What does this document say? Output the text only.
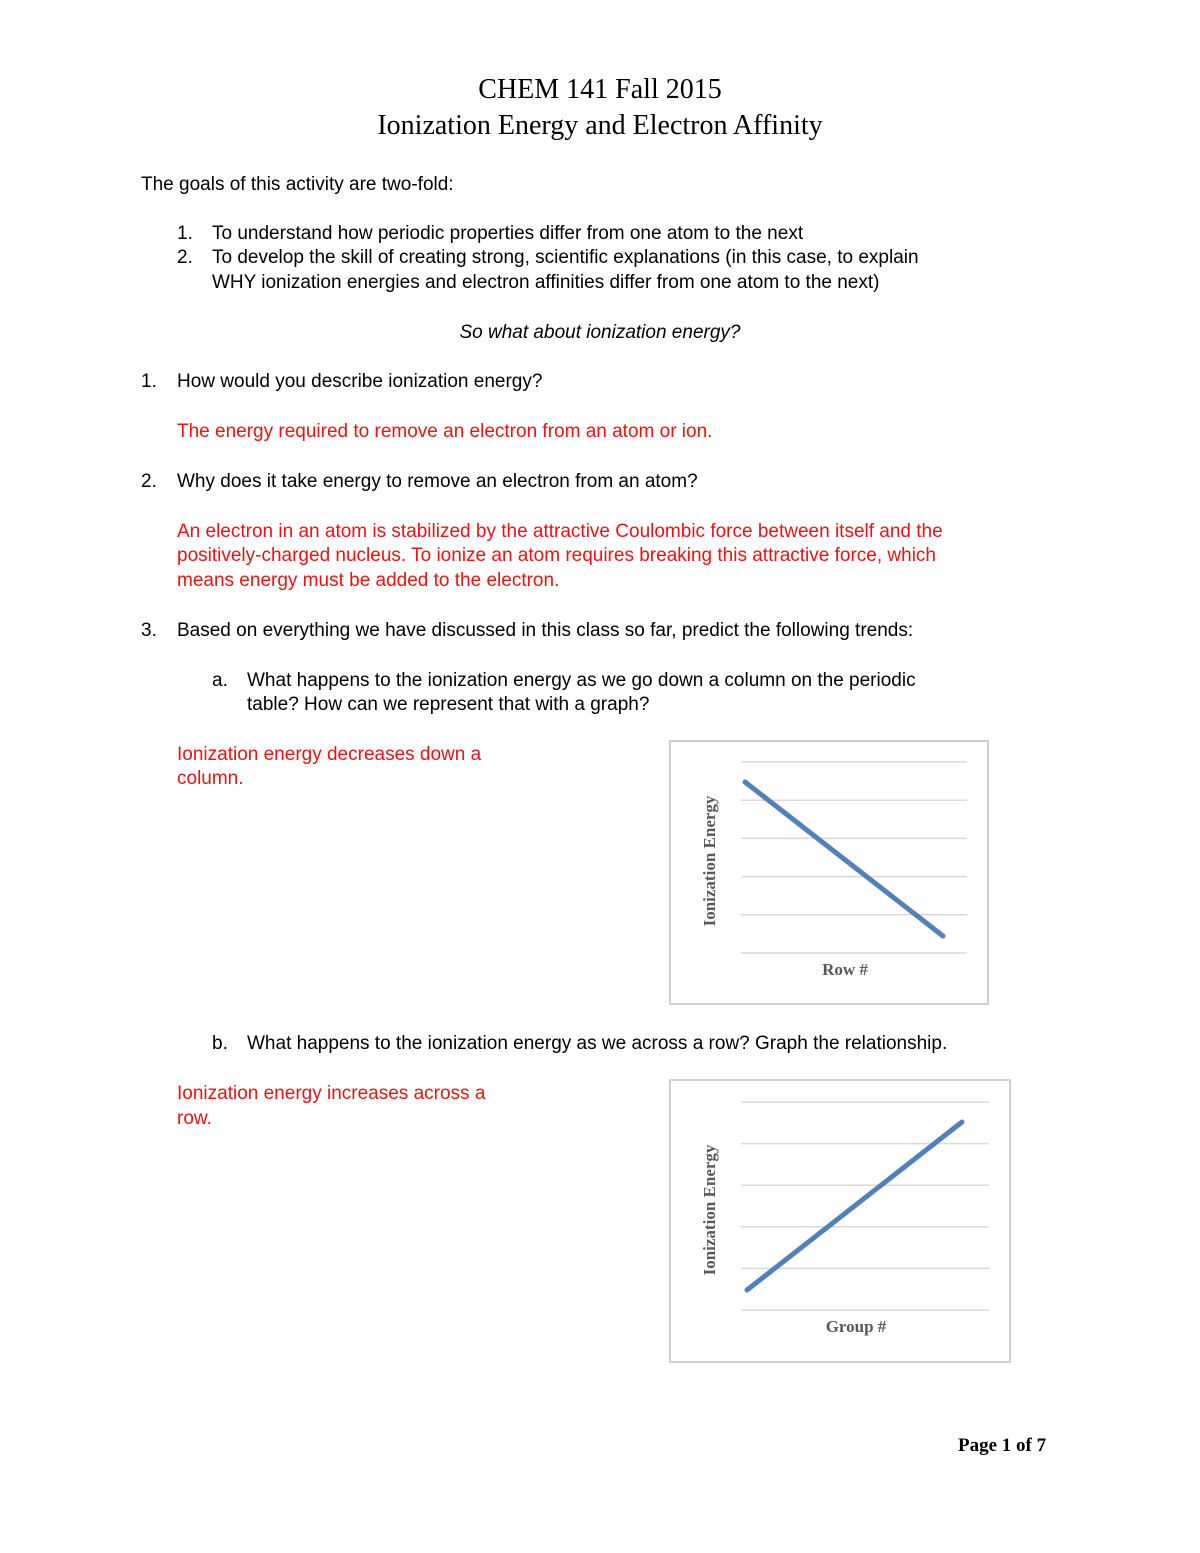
CHEM 141 Fall 2015
Ionization Energy and Electron Affinity
The goals of this activity are two-fold:
1. To understand how periodic properties differ from one atom to the next
2. To develop the skill of creating strong, scientific explanations (in this case, to explain
WHY ionization energies and electron affinities differ from one atom to the next)
So what about ionization energy?
1. How would you describe ionization energy?
The energy required to remove an electron from an atom or ion.
2. Why does it take energy to remove an electron from an atom?
An electron in an atom is stabilized by the attractive Coulombic force between itself and the
positively-charged nucleus. To ionize an atom requires breaking this attractive force, which
means energy must be added to the electron.
3. Based on everything we have discussed in this class so far, predict the following trends:
a. What happens to the ionization energy as we go down a column on the periodic
table? How can we represent that with a graph?
Ionization energy decreases down a
column.
Row #
Ionization Energy
b. What happens to the ionization energy as we across a row? Graph the relationship.
Ionization energy increases across a
row.
Group #
Ionization Energy
Page 1 of 7
